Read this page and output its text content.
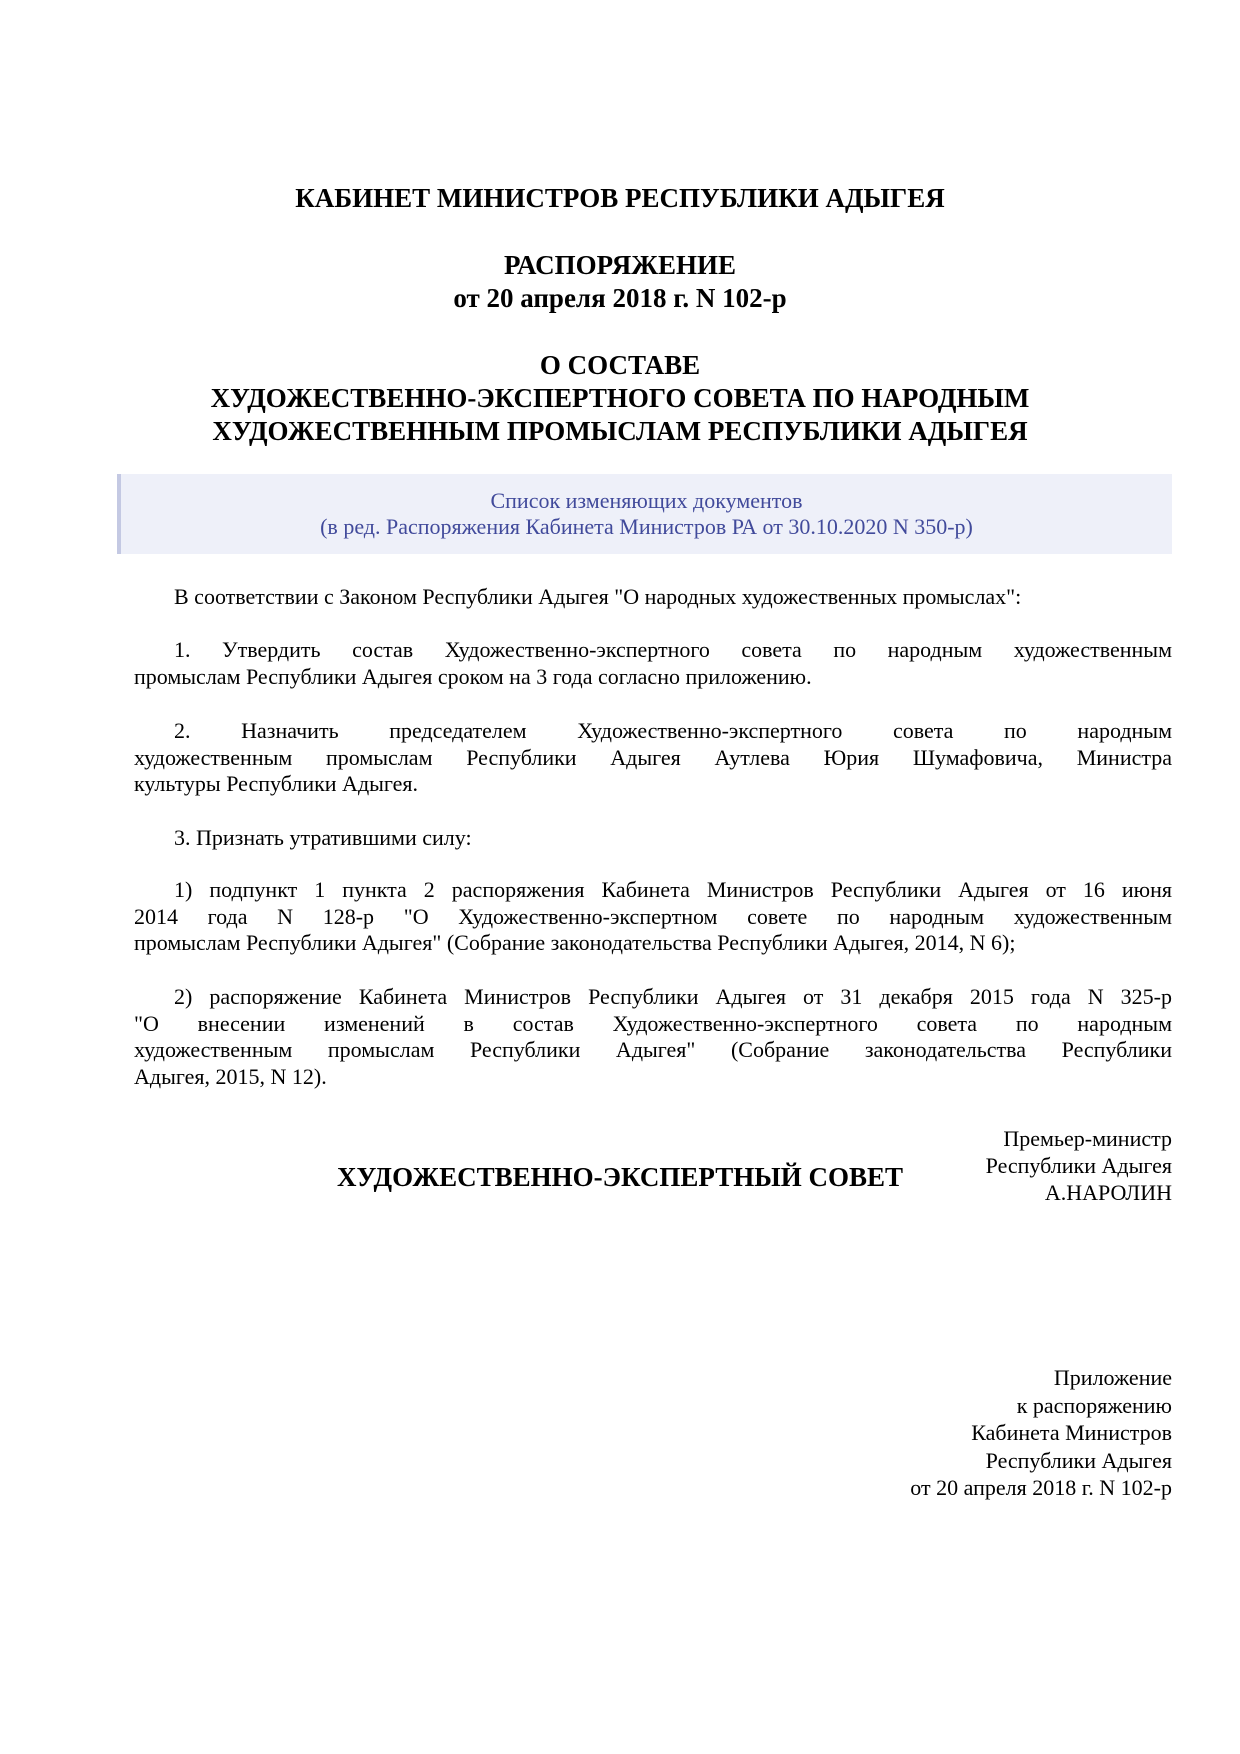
КАБИНЕТ МИНИСТРОВ РЕСПУБЛИКИ АДЫГЕЯ
РАСПОРЯЖЕНИЕ
от 20 апреля 2018 г. N 102-р
О СОСТАВЕ
ХУДОЖЕСТВЕННО-ЭКСПЕРТНОГО СОВЕТА ПО НАРОДНЫМ
ХУДОЖЕСТВЕННЫМ ПРОМЫСЛАМ РЕСПУБЛИКИ АДЫГЕЯ
Список изменяющих документов
(в ред. Распоряжения Кабинета Министров РА от 30.10.2020 N 350-р)
В соответствии с Законом Республики Адыгея "О народных художественных промыслах":
1. Утвердить состав Художественно-экспертного совета по народным художественным
промыслам Республики Адыгея сроком на 3 года согласно приложению.
2. Назначить председателем Художественно-экспертного совета по народным
художественным промыслам Республики Адыгея Аутлева Юрия Шумафовича, Министра
культуры Республики Адыгея.
3. Признать утратившими силу:
1) подпункт 1 пункта 2 распоряжения Кабинета Министров Республики Адыгея от 16 июня
2014 года N 128-р "О Художественно-экспертном совете по народным художественным
промыслам Республики Адыгея" (Собрание законодательства Республики Адыгея, 2014, N 6);
2) распоряжение Кабинета Министров Республики Адыгея от 31 декабря 2015 года N 325-р
"О внесении изменений в состав Художественно-экспертного совета по народным
художественным промыслам Республики Адыгея" (Собрание законодательства Республики
Адыгея, 2015, N 12).
Премьер-министр
Республики Адыгея
А.НАРОЛИН
Приложение
к распоряжению
Кабинета Министров
Республики Адыгея
от 20 апреля 2018 г. N 102-р
ХУДОЖЕСТВЕННО-ЭКСПЕРТНЫЙ СОВЕТ
